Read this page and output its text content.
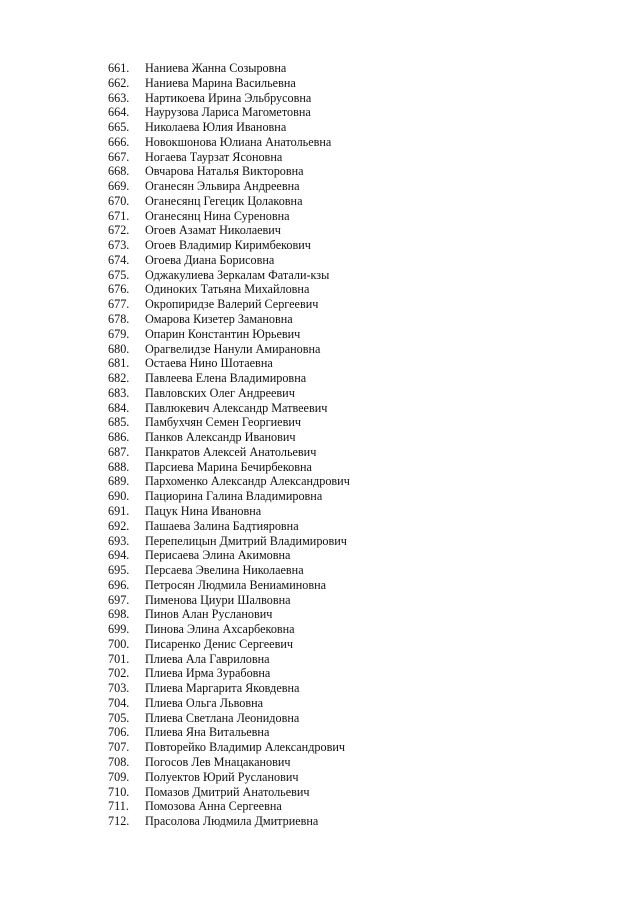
661.	Наниева Жанна Созыровна
662.	Наниева Марина Васильевна
663.	Нартикоева Ирина Эльбрусовна
664.	Наурузова Лариса Магометовна
665.	Николаева Юлия Ивановна
666.	Новокшонова Юлиана Анатольевна
667.	Ногаева Таурзат Ясоновна
668.	Овчарова Наталья Викторовна
669.	Оганесян Эльвира Андреевна
670.	Оганесянц Гегецик Цолаковна
671.	Оганесянц Нина Суреновна
672.	Огоев Азамат Николаевич
673.	Огоев Владимир Киримбекович
674.	Огоева Диана Борисовна
675.	Оджакулиева Зеркалам Фатали-кзы
676.	Одиноких Татьяна Михайловна
677.	Окропиридзе Валерий Сергеевич
678.	Омарова Кизетер Замановна
679.	Опарин Константин Юрьевич
680.	Орагвелидзе Нанули Амирановна
681.	Остаева Нино Шотаевна
682.	Павлеева Елена Владимировна
683.	Павловских Олег Андреевич
684.	Павлюкевич Александр Матвеевич
685.	Памбухчян Семен Георгиевич
686.	Панков Александр Иванович
687.	Панкратов Алексей Анатольевич
688.	Парсиева Марина Бечирбековна
689.	Пархоменко Александр Александрович
690.	Пациорина Галина Владимировна
691.	Пацук Нина Ивановна
692.	Пашаева Залина Бадтияровна
693.	Перепелицын Дмитрий Владимирович
694.	Перисаева Элина Акимовна
695.	Персаева Эвелина Николаевна
696.	Петросян Людмила Вениаминовна
697.	Пименова Циури Шалвовна
698.	Пинов Алан Русланович
699.	Пинова Элина Ахсарбековна
700.	Писаренко Денис Сергеевич
701.	Плиева Ала Гавриловна
702.	Плиева Ирма Зурабовна
703.	Плиева Маргарита Яковдевна
704.	Плиева Ольга Львовна
705.	Плиева Светлана Леонидовна
706.	Плиева Яна Витальевна
707.	Повторейко Владимир Александрович
708.	Погосов Лев Мнацаканович
709.	Полуектов Юрий Русланович
710.	Помазов Дмитрий Анатольевич
711.	Помозова Анна Сергеевна
712.	Прасолова Людмила Дмитриевна
